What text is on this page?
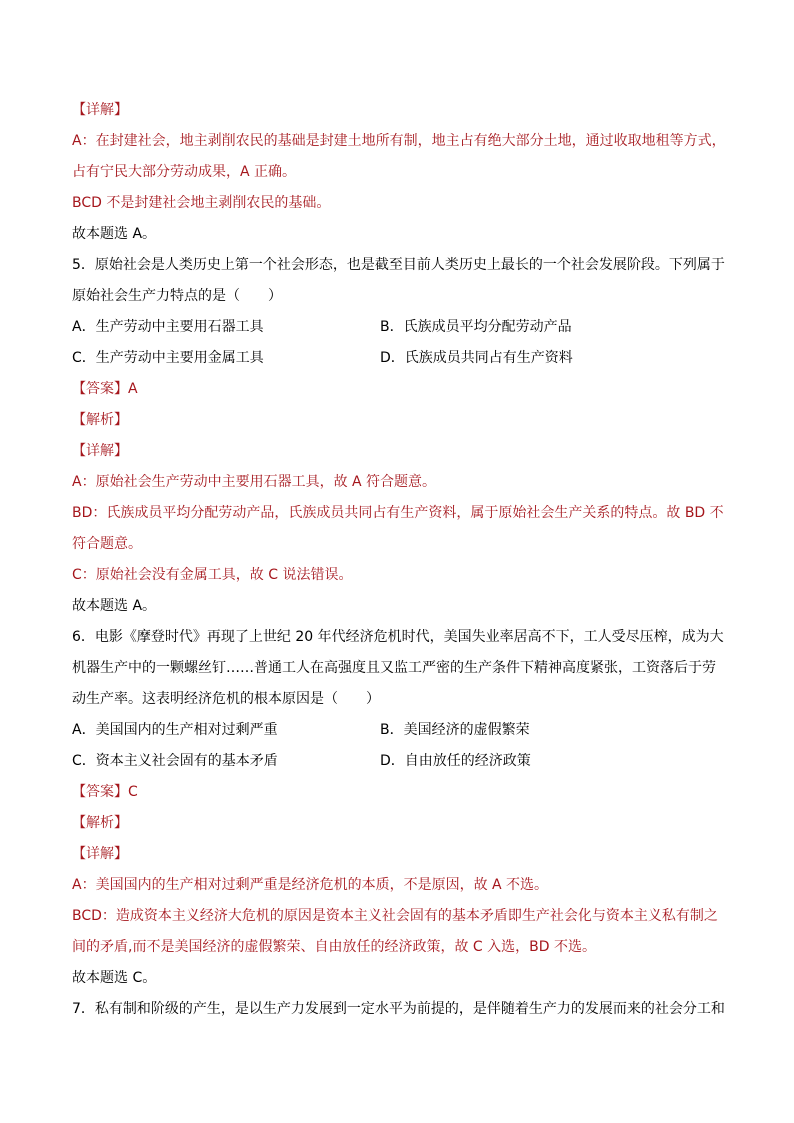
【详解】
A：在封建社会，地主剥削农民的基础是封建土地所有制，地主占有绝大部分土地，通过收取地租等方式，
占有宁民大部分劳动成果，A 正确。
BCD 不是封建社会地主剥削农民的基础。
故本题选 A。
5．原始社会是人类历史上第一个社会形态，也是截至目前人类历史上最长的一个社会发展阶段。下列属于
原始社会生产力特点的是（　　）
A．生产劳动中主要用石器工具	B．氏族成员平均分配劳动产品
C．生产劳动中主要用金属工具	D．氏族成员共同占有生产资料
【答案】A
【解析】
【详解】
A：原始社会生产劳动中主要用石器工具，故 A 符合题意。
BD：氏族成员平均分配劳动产品，氏族成员共同占有生产资料，属于原始社会生产关系的特点。故 BD 不
符合题意。
C：原始社会没有金属工具，故 C 说法错误。
故本题选 A。
6．电影《摩登时代》再现了上世纪 20 年代经济危机时代，美国失业率居高不下，工人受尽压榨，成为大
机器生产中的一颗螺丝钉……普通工人在高强度且又监工严密的生产条件下精神高度紧张，工资落后于劳
动生产率。这表明经济危机的根本原因是（　　）
A．美国国内的生产相对过剩严重	B．美国经济的虚假繁荣
C．资本主义社会固有的基本矛盾	D．自由放任的经济政策
【答案】C
【解析】
【详解】
A：美国国内的生产相对过剩严重是经济危机的本质，不是原因，故 A 不选。
BCD：造成资本主义经济大危机的原因是资本主义社会固有的基本矛盾即生产社会化与资本主义私有制之
间的矛盾,而不是美国经济的虚假繁荣、自由放任的经济政策，故 C 入选，BD 不选。
故本题选 C。
7．私有制和阶级的产生，是以生产力发展到一定水平为前提的，是伴随着生产力的发展而来的社会分工和
